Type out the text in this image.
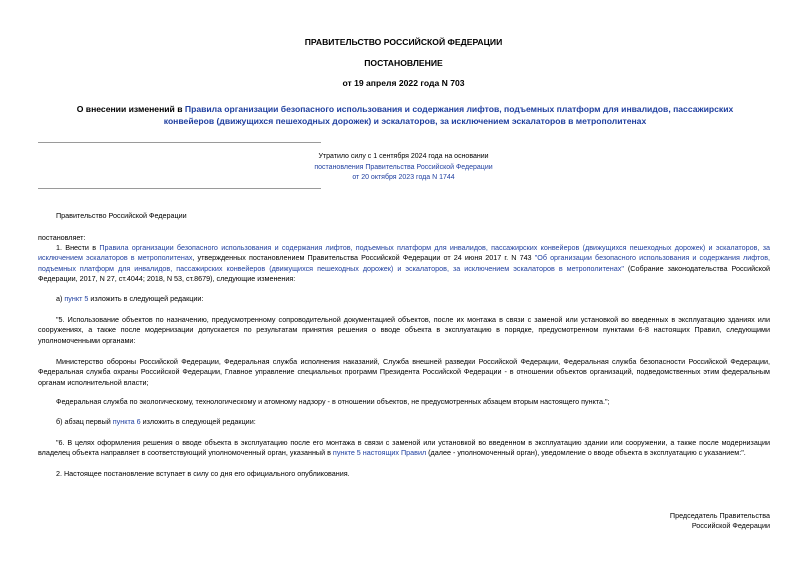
ПРАВИТЕЛЬСТВО РОССИЙСКОЙ ФЕДЕРАЦИИ
ПОСТАНОВЛЕНИЕ
от 19 апреля 2022 года N 703
О внесении изменений в Правила организации безопасного использования и содержания лифтов, подъемных платформ для инвалидов, пассажирских конвейеров (движущихся пешеходных дорожек) и эскалаторов, за исключением эскалаторов в метрополитенах
Утратило силу с 1 сентября 2024 года на основании
постановления Правительства Российской Федерации
от 20 октября 2023 года N 1744
Правительство Российской Федерации
постановляет:
1. Внести в Правила организации безопасного использования и содержания лифтов, подъемных платформ для инвалидов, пассажирских конвейеров (движущихся пешеходных дорожек) и эскалаторов, за исключением эскалаторов в метрополитенах, утвержденных постановлением Правительства Российской Федерации от 24 июня 2017 г. N 743 "Об организации безопасного использования и содержания лифтов, подъемных платформ для инвалидов, пассажирских конвейеров (движущихся пешеходных дорожек) и эскалаторов, за исключением эскалаторов в метрополитенах" (Собрание законодательства Российской Федерации, 2017, N 27, ст.4044; 2018, N 53, ст.8679), следующие изменения:
а) пункт 5 изложить в следующей редакции:
"5. Использование объектов по назначению, предусмотренному сопроводительной документацией объектов, после их монтажа в связи с заменой или установкой во введенных в эксплуатацию зданиях или сооружениях, а также после модернизации допускается по результатам принятия решения о вводе объекта в эксплуатацию в порядке, предусмотренном пунктами 6-8 настоящих Правил, следующими уполномоченными органами:
Министерство обороны Российской Федерации, Федеральная служба исполнения наказаний, Служба внешней разведки Российской Федерации, Федеральная служба безопасности Российской Федерации, Федеральная служба охраны Российской Федерации, Главное управление специальных программ Президента Российской Федерации - в отношении объектов организаций, подведомственных этим федеральным органам исполнительной власти;
Федеральная служба по экологическому, технологическому и атомному надзору - в отношении объектов, не предусмотренных абзацем вторым настоящего пункта.";
б) абзац первый пункта 6 изложить в следующей редакции:
"6. В целях оформления решения о вводе объекта в эксплуатацию после его монтажа в связи с заменой или установкой во введенном в эксплуатацию здании или сооружении, а также после модернизации владелец объекта направляет в соответствующий уполномоченный орган, указанный в пункте 5 настоящих Правил (далее - уполномоченный орган), уведомление о вводе объекта в эксплуатацию с указанием:".
2. Настоящее постановление вступает в силу со дня его официального опубликования.
Председатель Правительства
Российской Федерации
